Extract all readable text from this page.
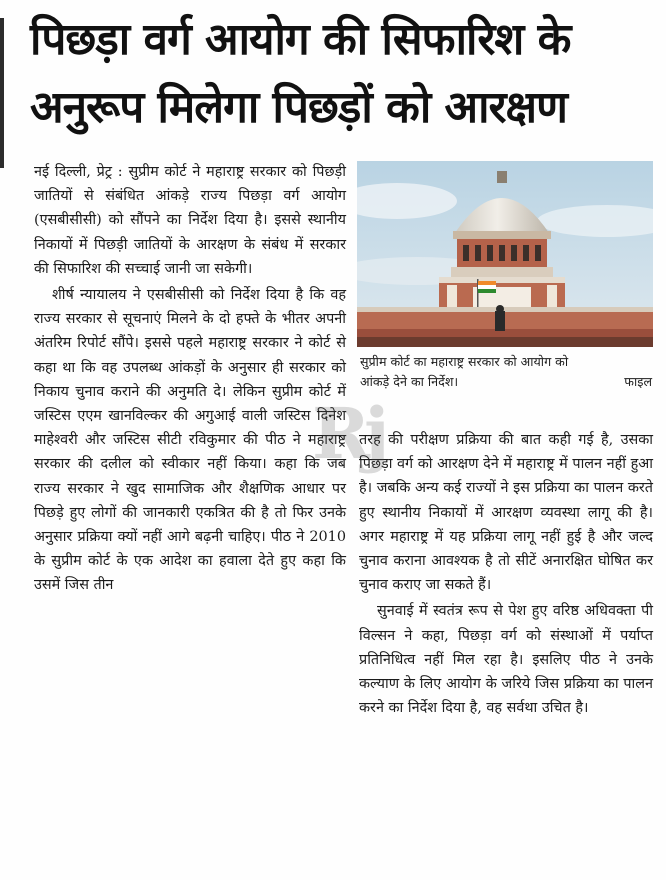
पिछड़ा वर्ग आयोग की सिफारिश के
अनुरूप मिलेगा पिछड़ों को आरक्षण

नई दिल्ली, प्रेट्र : सुप्रीम कोर्ट ने महाराष्ट्र सरकार को पिछड़ी जातियों से संबंधित आंकड़े राज्य पिछड़ा वर्ग आयोग (एसबीसीसी) को सौंपने का निर्देश दिया है। इससे स्थानीय निकायों में पिछड़ी जातियों के आरक्षण के संबंध में सरकार की सिफारिश की सच्चाई जानी जा सकेगी।

शीर्ष न्यायालय ने एसबीसीसी को निर्देश दिया है कि वह राज्य सरकार से सूचनाएं मिलने के दो हफ्ते के भीतर अपनी अंतरिम रिपोर्ट सौंपे। इससे पहले महाराष्ट्र सरकार ने कोर्ट से कहा था कि वह उपलब्ध आंकड़ों के अनुसार ही सरकार को निकाय चुनाव कराने की अनुमति दे। लेकिन सुप्रीम कोर्ट में जस्टिस एएम खानविल्कर की अगुआई वाली जस्टिस दिनेश माहेश्वरी और जस्टिस सीटी रविकुमार की पीठ ने महाराष्ट्र सरकार की दलील को स्वीकार नहीं किया। कहा कि जब राज्य सरकार ने खुद सामाजिक और शैक्षणिक आधार पर पिछड़े हुए लोगों की जानकारी एकत्रित की है तो फिर उनके अनुसार प्रक्रिया क्यों नहीं आगे बढ़नी चाहिए। पीठ ने 2010 के सुप्रीम कोर्ट के एक आदेश का हवाला देते हुए कहा कि उसमें जिस तीन

सुप्रीम कोर्ट का महाराष्ट्र सरकार को आयोग को
आंकड़े देने का निर्देश।	फाइल

तरह की परीक्षण प्रक्रिया की बात कही गई है, उसका पिछड़ा वर्ग को आरक्षण देने में महाराष्ट्र में पालन नहीं हुआ है। जबकि अन्य कई राज्यों ने इस प्रक्रिया का पालन करते हुए स्थानीय निकायों में आरक्षण व्यवस्था लागू की है। अगर महाराष्ट्र में यह प्रक्रिया लागू नहीं हुई है और जल्द चुनाव कराना आवश्यक है तो सीटें अनारक्षित घोषित कर चुनाव कराए जा सकते हैं।

सुनवाई में स्वतंत्र रूप से पेश हुए वरिष्ठ अधिवक्ता पी विल्सन ने कहा, पिछड़ा वर्ग को संस्थाओं में पर्याप्त प्रतिनिधित्व नहीं मिल रहा है। इसलिए पीठ ने उनके कल्याण के लिए आयोग के जरिये जिस प्रक्रिया का पालन करने का निर्देश दिया है, वह सर्वथा उचित है।

Rj
